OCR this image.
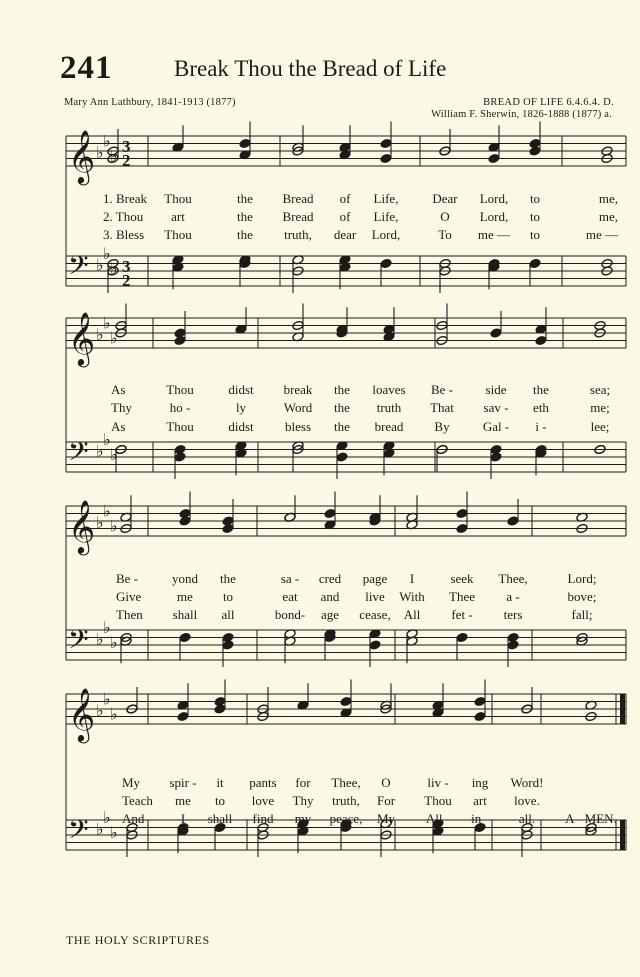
241	Break Thou the Bread of Life
Mary Ann Lathbury, 1841-1913 (1877)	BREAD OF LIFE 6.4.6.4. D.
William F. Sherwin, 1826-1888 (1877) a.
𝄞 ♭
♭
♭
𝄢 ♭
♭
♭
3
2
3
2
𝄞 ♭
♭
♭
𝄢 ♭
♭
♭
𝄞 ♭
♭
♭
𝄢 ♭
♭
♭
𝄞 ♭
♭
♭
𝄢 ♭
♭
♭
1. Break Thou	the Bread of Life,	Dear Lord, to	me,
2. Thou art	the Bread of Life,	O Lord, to	me,
3. Bless Thou	the truth, dear Lord,	To me — to	me —
As	Thou	didst break the loaves Be -	side the	sea;
Thy	ho -	ly	Word the truth That sav - eth	me;
As	Thou	didst bless the bread By	Gal - i -	lee;
Be -	yond the	sa - cred page I	seek Thee,	Lord;
Give	me to	eat and live With Thee a -	bove;
Then shall all	bond- age cease, All fet - ters	fall;
My spir - it pants for Thee, O	liv - ing Word!
Teach me to love Thy truth, For Thou art love.
And	I shall find my peace, My All - in - all. A - MEN.
THE HOLY SCRIPTURES
